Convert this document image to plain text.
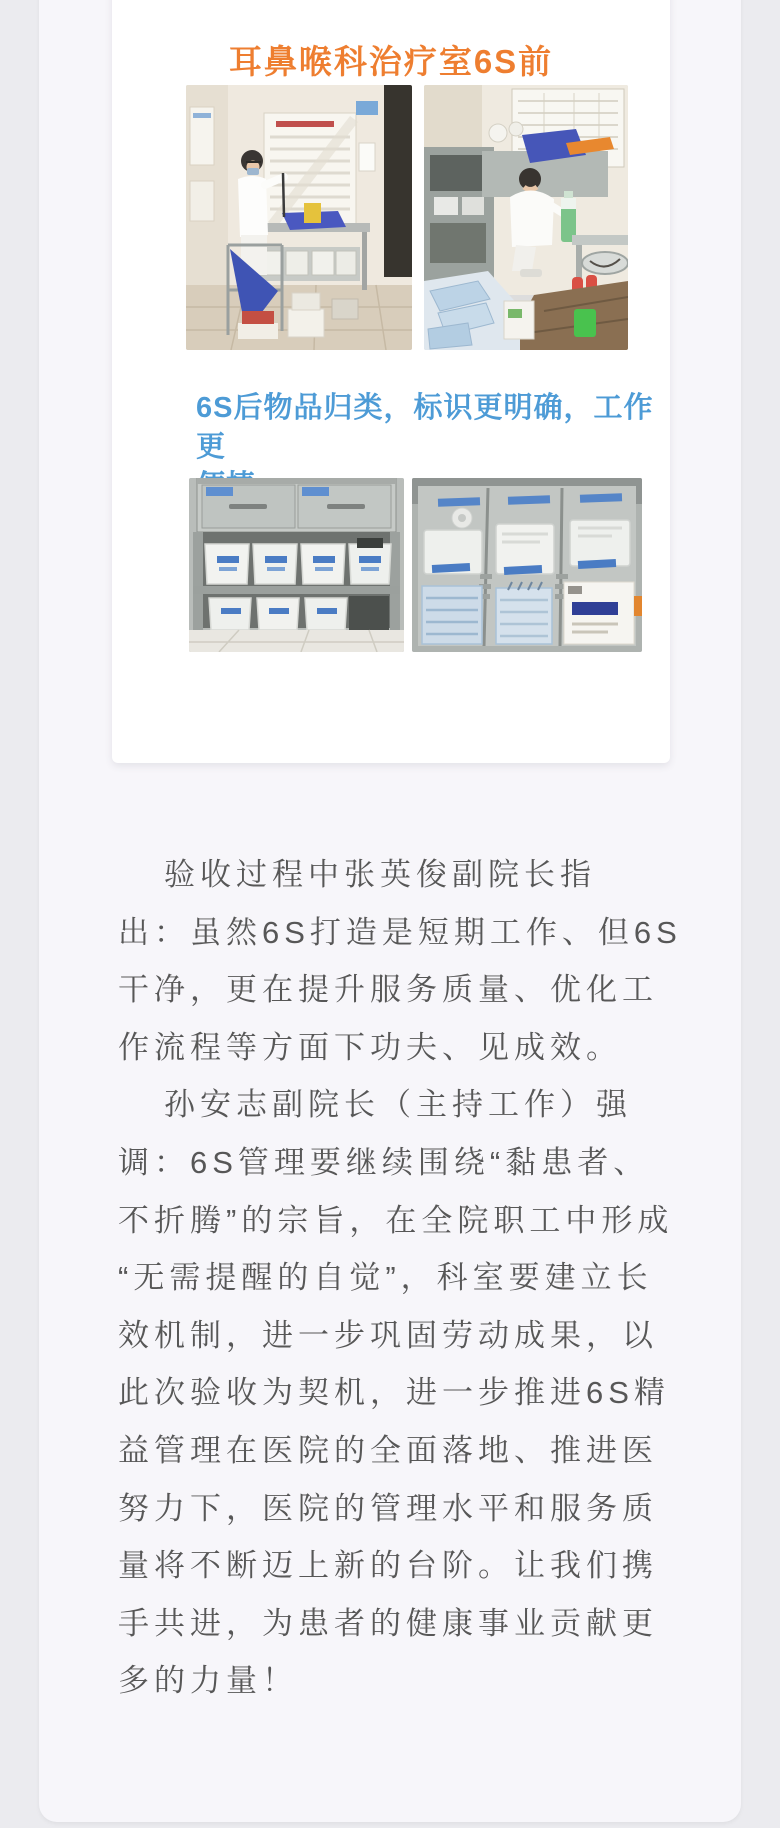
耳鼻喉科治疗室6S前
6S后物品归类，标识更明确，工作更
验收过程中张英俊副院长指
出：虽然6S打造是短期工作、但6S
干净，更在提升服务质量、优化工
作流程等方面下功夫、见成效。
孙安志副院长（主持工作）强
调：6S管理要继续围绕“黏患者、
不折腾”的宗旨，在全院职工中形成
“无需提醒的自觉”，科室要建立长
效机制，进一步巩固劳动成果，以
此次验收为契机，进一步推进6S精
益管理在医院的全面落地、推进医
努力下，医院的管理水平和服务质
量将不断迈上新的台阶。让我们携
手共进，为患者的健康事业贡献更
多的力量！
